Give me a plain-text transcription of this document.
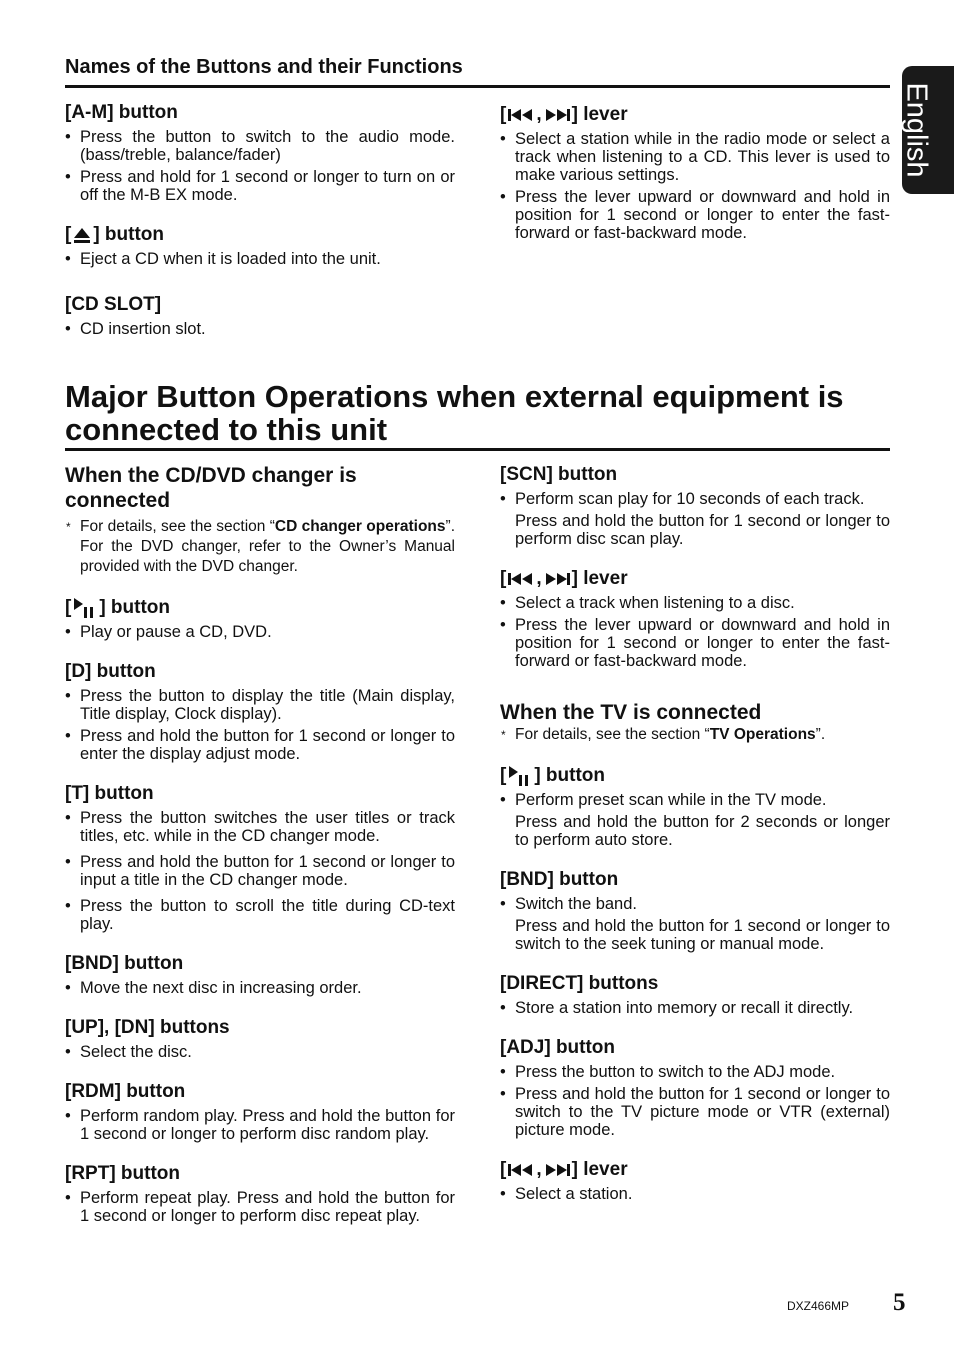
English
Names of the Buttons and their Functions

[A-M] button

• Press the button to switch to the audio mode. (bass/treble, balance/fader)
• Press and hold for 1 second or longer to turn on or off the M-B EX mode.

[ ] button

• Eject a CD when it is loaded into the unit.

[CD SLOT]

• CD insertion slot.

[ , ] lever

• Select a station while in the radio mode or select a track when listening to a CD. This lever is used to make various settings.
• Press the lever upward or downward and hold in position for 1 second or longer to enter the fast-forward or fast-backward mode.
Major Button Operations when external equipment is connected to this unit

When the CD/DVD changer is connected

* For details, see the section “CD changer operations”. For the DVD changer, refer to the Owner’s Manual provided with the DVD changer.

[ ] button

• Play or pause a CD, DVD.

[D] button

• Press the button to display the title (Main display, Title display, Clock display).
• Press and hold the button for 1 second or longer to enter the display adjust mode.

[T] button

• Press the button switches the user titles or track titles, etc. while in the CD changer mode.
• Press and hold the button for 1 second or longer to input a title in the CD changer mode.
• Press the button to scroll the title during CD-text play.

[BND] button

• Move the next disc in increasing order.

[UP], [DN] buttons

• Select the disc.

[RDM] button

• Perform random play. Press and hold the button for 1 second or longer to perform disc random play.

[RPT] button

• Perform repeat play. Press and hold the button for 1 second or longer to perform disc repeat play.

[SCN] button

• Perform scan play for 10 seconds of each track.
Press and hold the button for 1 second or longer to perform disc scan play.

[ , ] lever

• Select a track when listening to a disc.
• Press the lever upward or downward and hold in position for 1 second or longer to enter the fast-forward or fast-backward mode.

When the TV is connected

* For details, see the section “TV Operations”.

[ ] button

• Perform preset scan while in the TV mode.
Press and hold the button for 2 seconds or longer to perform auto store.

[BND] button

• Switch the band.
Press and hold the button for 1 second or longer to switch to the seek tuning or manual mode.

[DIRECT] buttons

• Store a station into memory or recall it directly.

[ADJ] button

• Press the button to switch to the ADJ mode.
• Press and hold the button for 1 second or longer to switch to the TV picture mode or VTR (external) picture mode.

[ , ] lever

• Select a station.
DXZ466MP 5
